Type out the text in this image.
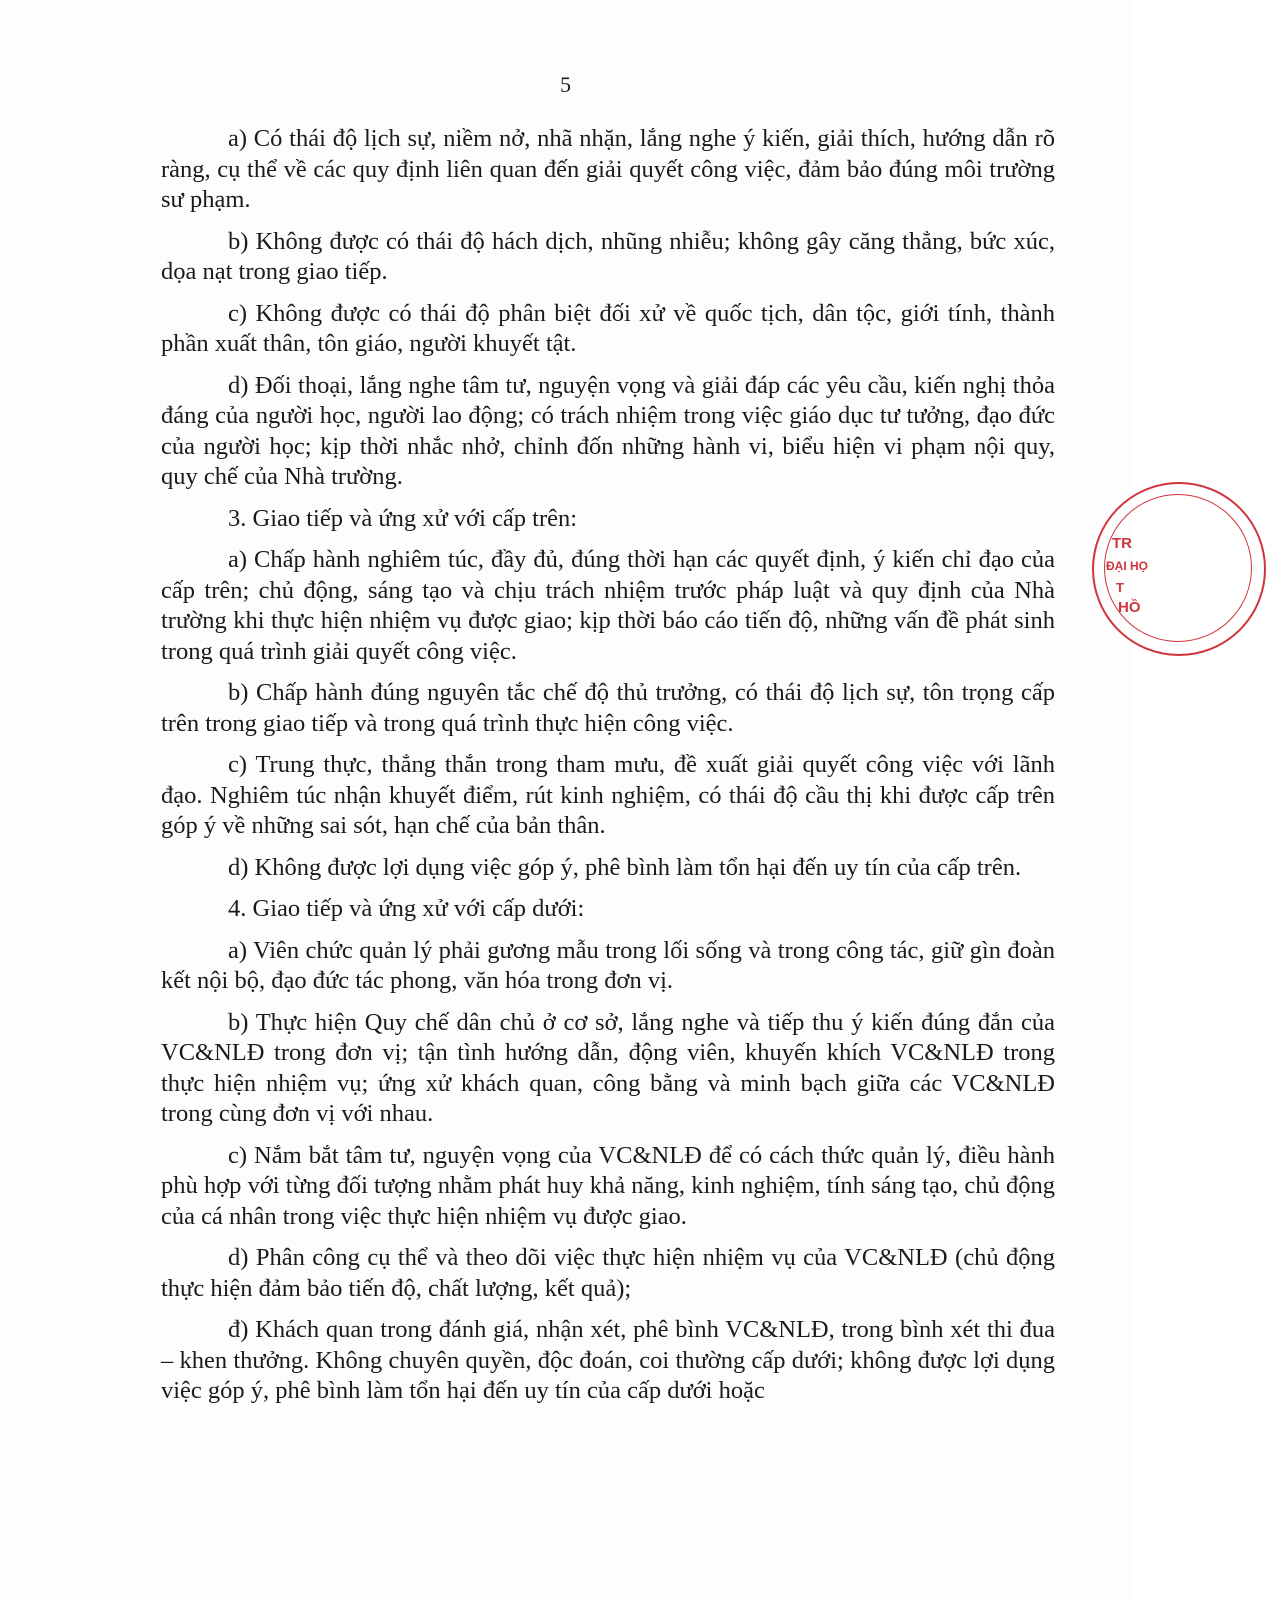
5

a) Có thái độ lịch sự, niềm nở, nhã nhặn, lắng nghe ý kiến, giải thích, hướng dẫn rõ ràng, cụ thể về các quy định liên quan đến giải quyết công việc, đảm bảo đúng môi trường sư phạm.

b) Không được có thái độ hách dịch, nhũng nhiễu; không gây căng thẳng, bức xúc, dọa nạt trong giao tiếp.

c) Không được có thái độ phân biệt đối xử về quốc tịch, dân tộc, giới tính, thành phần xuất thân, tôn giáo, người khuyết tật.

d) Đối thoại, lắng nghe tâm tư, nguyện vọng và giải đáp các yêu cầu, kiến nghị thỏa đáng của người học, người lao động; có trách nhiệm trong việc giáo dục tư tưởng, đạo đức của người học; kịp thời nhắc nhở, chỉnh đốn những hành vi, biểu hiện vi phạm nội quy, quy chế của Nhà trường.

3. Giao tiếp và ứng xử với cấp trên:

a) Chấp hành nghiêm túc, đầy đủ, đúng thời hạn các quyết định, ý kiến chỉ đạo của cấp trên; chủ động, sáng tạo và chịu trách nhiệm trước pháp luật và quy định của Nhà trường khi thực hiện nhiệm vụ được giao; kịp thời báo cáo tiến độ, những vấn đề phát sinh trong quá trình giải quyết công việc.

b) Chấp hành đúng nguyên tắc chế độ thủ trưởng, có thái độ lịch sự, tôn trọng cấp trên trong giao tiếp và trong quá trình thực hiện công việc.

c) Trung thực, thẳng thắn trong tham mưu, đề xuất giải quyết công việc với lãnh đạo. Nghiêm túc nhận khuyết điểm, rút kinh nghiệm, có thái độ cầu thị khi được cấp trên góp ý về những sai sót, hạn chế của bản thân.

d) Không được lợi dụng việc góp ý, phê bình làm tổn hại đến uy tín của cấp trên.

4. Giao tiếp và ứng xử với cấp dưới:

a) Viên chức quản lý phải gương mẫu trong lối sống và trong công tác, giữ gìn đoàn kết nội bộ, đạo đức tác phong, văn hóa trong đơn vị.

b) Thực hiện Quy chế dân chủ ở cơ sở, lắng nghe và tiếp thu ý kiến đúng đắn của VC&NLĐ trong đơn vị; tận tình hướng dẫn, động viên, khuyến khích VC&NLĐ trong thực hiện nhiệm vụ; ứng xử khách quan, công bằng và minh bạch giữa các VC&NLĐ trong cùng đơn vị với nhau.

c) Nắm bắt tâm tư, nguyện vọng của VC&NLĐ để có cách thức quản lý, điều hành phù hợp với từng đối tượng nhằm phát huy khả năng, kinh nghiệm, tính sáng tạo, chủ động của cá nhân trong việc thực hiện nhiệm vụ được giao.

d) Phân công cụ thể và theo dõi việc thực hiện nhiệm vụ của VC&NLĐ (chủ động thực hiện đảm bảo tiến độ, chất lượng, kết quả);

đ) Khách quan trong đánh giá, nhận xét, phê bình VC&NLĐ, trong bình xét thi đua – khen thưởng. Không chuyên quyền, độc đoán, coi thường cấp dưới; không được lợi dụng việc góp ý, phê bình làm tổn hại đến uy tín của cấp dưới hoặc

TR
ĐẠI HỌ
T
HỒ
